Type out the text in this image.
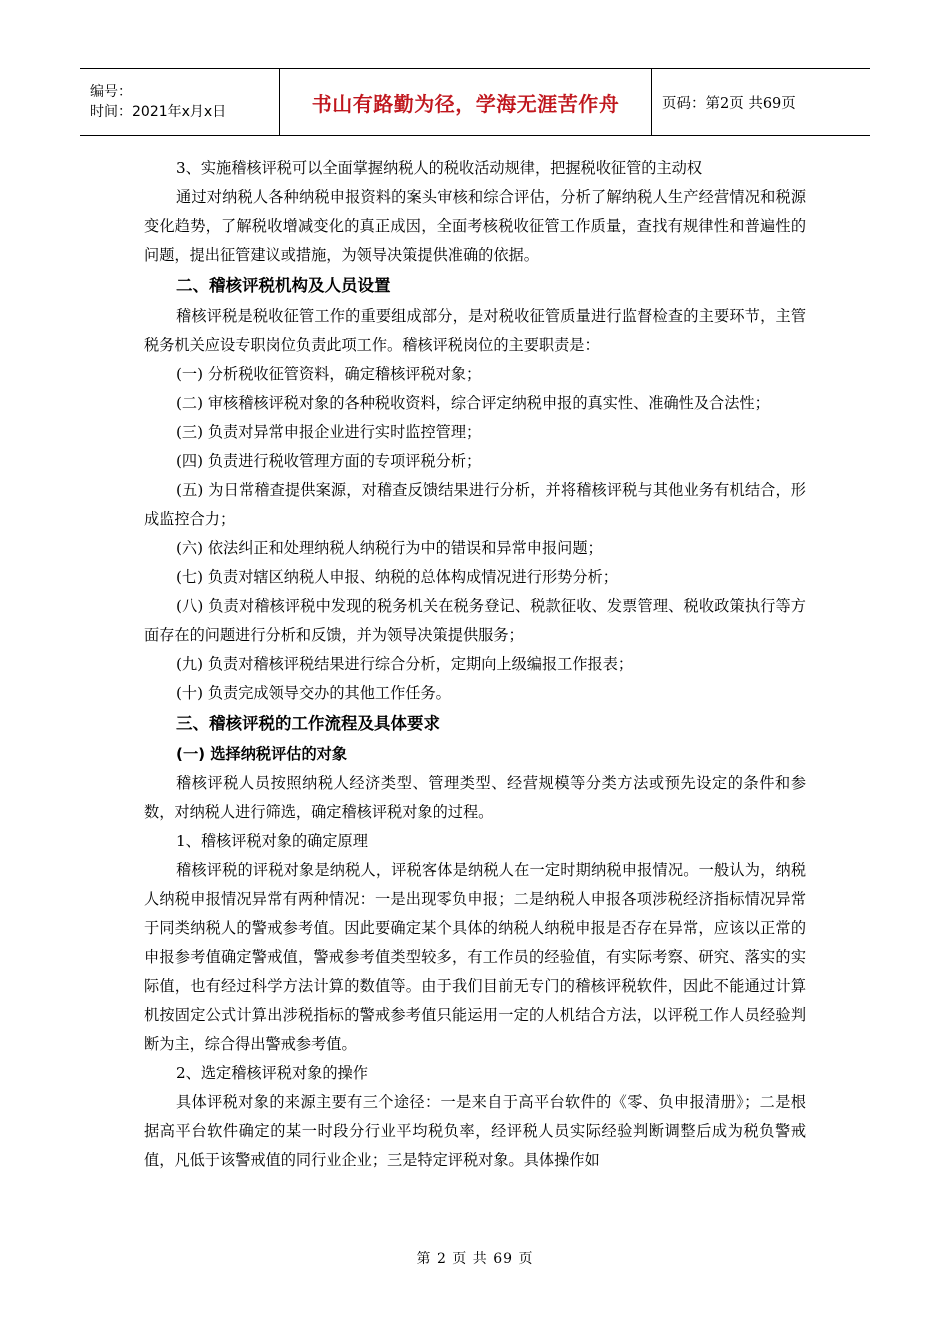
编号：
时间：2021年x月x日	书山有路勤为径，学海无涯苦作舟	页码：第2页 共69页

3、实施稽核评税可以全面掌握纳税人的税收活动规律，把握税收征管的主动权

通过对纳税人各种纳税申报资料的案头审核和综合评估，分析了解纳税人生产经营情况和税源变化趋势，了解税收增减变化的真正成因，全面考核税收征管工作质量，查找有规律性和普遍性的问题，提出征管建议或措施，为领导决策提供准确的依据。

二、稽核评税机构及人员设置

稽核评税是税收征管工作的重要组成部分，是对税收征管质量进行监督检查的主要环节，主管税务机关应设专职岗位负责此项工作。稽核评税岗位的主要职责是：

(一) 分析税收征管资料，确定稽核评税对象；

(二) 审核稽核评税对象的各种税收资料，综合评定纳税申报的真实性、准确性及合法性；

(三) 负责对异常申报企业进行实时监控管理；

(四) 负责进行税收管理方面的专项评税分析；

(五) 为日常稽查提供案源，对稽查反馈结果进行分析，并将稽核评税与其他业务有机结合，形成监控合力；

(六) 依法纠正和处理纳税人纳税行为中的错误和异常申报问题；

(七) 负责对辖区纳税人申报、纳税的总体构成情况进行形势分析；

(八) 负责对稽核评税中发现的税务机关在税务登记、税款征收、发票管理、税收政策执行等方面存在的问题进行分析和反馈，并为领导决策提供服务；

(九) 负责对稽核评税结果进行综合分析，定期向上级编报工作报表；

(十) 负责完成领导交办的其他工作任务。

三、稽核评税的工作流程及具体要求

(一) 选择纳税评估的对象

稽核评税人员按照纳税人经济类型、管理类型、经营规模等分类方法或预先设定的条件和参数，对纳税人进行筛选，确定稽核评税对象的过程。

1、稽核评税对象的确定原理

稽核评税的评税对象是纳税人，评税客体是纳税人在一定时期纳税申报情况。一般认为，纳税人纳税申报情况异常有两种情况：一是出现零负申报；二是纳税人申报各项涉税经济指标情况异常于同类纳税人的警戒参考值。因此要确定某个具体的纳税人纳税申报是否存在异常，应该以正常的申报参考值确定警戒值，警戒参考值类型较多，有工作员的经验值，有实际考察、研究、落实的实际值，也有经过科学方法计算的数值等。由于我们目前无专门的稽核评税软件，因此不能通过计算机按固定公式计算出涉税指标的警戒参考值只能运用一定的人机结合方法，以评税工作人员经验判断为主，综合得出警戒参考值。

2、选定稽核评税对象的操作

具体评税对象的来源主要有三个途径：一是来自于高平台软件的《零、负申报清册》；二是根据高平台软件确定的某一时段分行业平均税负率，经评税人员实际经验判断调整后成为税负警戒值，凡低于该警戒值的同行业企业；三是特定评税对象。具体操作如

第 2 页 共 69 页
